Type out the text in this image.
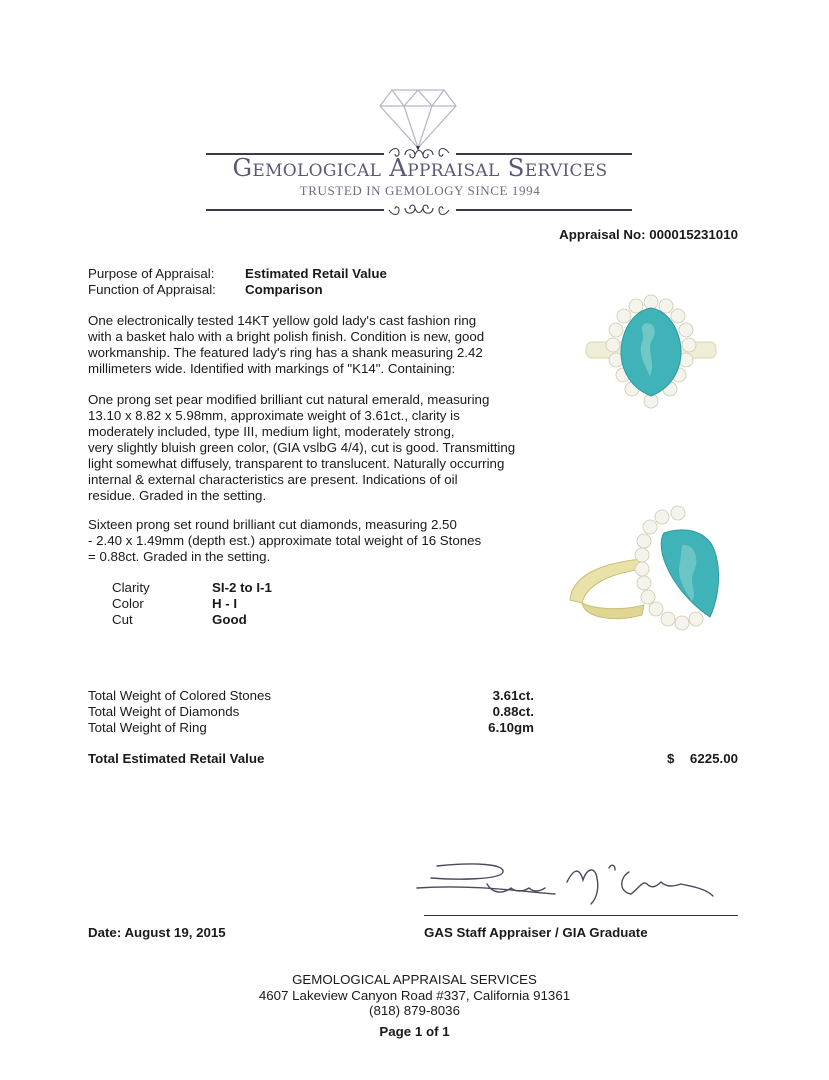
Gemological Appraisal Services
TRUSTED IN GEMOLOGY SINCE 1994
Appraisal No: 000015231010
Purpose of Appraisal: Estimated Retail Value
Function of Appraisal: Comparison
One electronically tested 14KT yellow gold lady's cast fashion ring
with a basket halo with a bright polish finish. Condition is new, good
workmanship. The featured lady's ring has a shank measuring 2.42
millimeters wide. Identified with markings of "K14". Containing:
One prong set pear modified brilliant cut natural emerald, measuring
13.10 x 8.82 x 5.98mm, approximate weight of 3.61ct., clarity is
moderately included, type III, medium light, moderately strong,
very slightly bluish green color, (GIA vslbG 4/4), cut is good. Transmitting
light somewhat diffusely, transparent to translucent. Naturally occurring
internal & external characteristics are present. Indications of oil
residue. Graded in the setting.
Sixteen prong set round brilliant cut diamonds, measuring 2.50
- 2.40 x 1.49mm (depth est.) approximate total weight of 16 Stones
= 0.88ct. Graded in the setting.
Clarity	SI-2 to I-1
Color	H - I
Cut	Good
Total Weight of Colored Stones	3.61ct.
Total Weight of Diamonds	0.88ct.
Total Weight of Ring	6.10gm
Total Estimated Retail Value	$ 6225.00
Date: August 19, 2015	GAS Staff Appraiser / GIA Graduate
GEMOLOGICAL APPRAISAL SERVICES
4607 Lakeview Canyon Road #337, California 91361
(818) 879-8036
Page 1 of 1
